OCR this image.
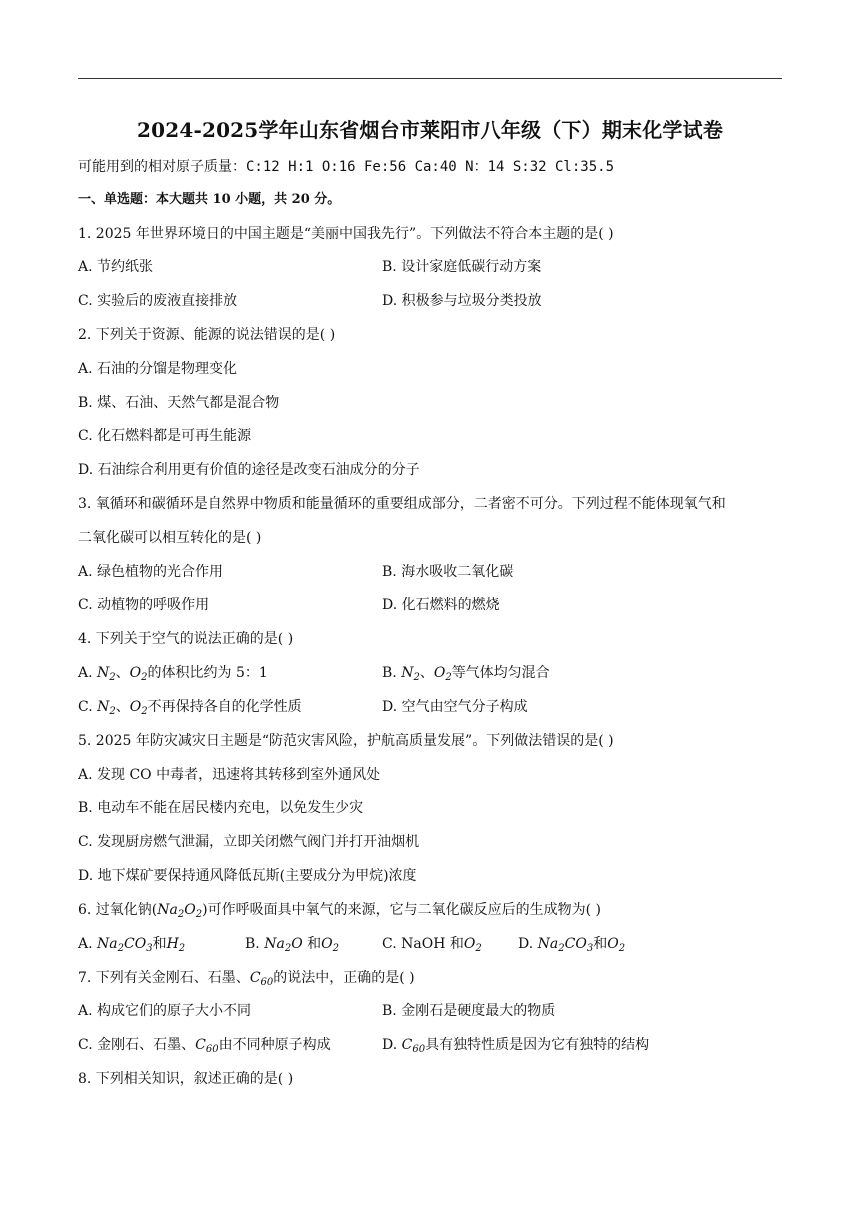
2024-2025学年山东省烟台市莱阳市八年级（下）期末化学试卷
可能用到的相对原子质量：C:12 H:1 O:16 Fe:56 Ca:40 N：14 S:32 Cl:35.5
一、单选题：本大题共 10 小题，共 20 分。
1. 2025 年世界环境日的中国主题是“美丽中国我先行”。下列做法不符合本主题的是( )
A. 节约纸张	B. 设计家庭低碳行动方案
C. 实验后的废液直接排放	D. 积极参与垃圾分类投放
2. 下列关于资源、能源的说法错误的是( )
A. 石油的分馏是物理变化
B. 煤、石油、天然气都是混合物
C. 化石燃料都是可再生能源
D. 石油综合利用更有价值的途径是改变石油成分的分子
3. 氧循环和碳循环是自然界中物质和能量循环的重要组成部分，二者密不可分。下列过程不能体现氧气和
二氧化碳可以相互转化的是( )
A. 绿色植物的光合作用	B. 海水吸收二氧化碳
C. 动植物的呼吸作用	D. 化石燃料的燃烧
4. 下列关于空气的说法正确的是( )
A. $N_2$、$O_2$的体积比约为 5：1	B. $N_2$、$O_2$等气体均匀混合
C. $N_2$、$O_2$不再保持各自的化学性质	D. 空气由空气分子构成
5. 2025 年防灾减灾日主题是“防范灾害风险，护航高质量发展”。下列做法错误的是( )
A. 发现 CO 中毒者，迅速将其转移到室外通风处
B. 电动车不能在居民楼内充电，以免发生少灾
C. 发现厨房燃气泄漏，立即关闭燃气阀门并打开油烟机
D. 地下煤矿要保持通风降低瓦斯(主要成分为甲烷)浓度
6. 过氧化钠$(Na_2O_2)$可作呼吸面具中氧气的来源，它与二氧化碳反应后的生成物为( )
A. $Na_2CO_3$和$H_2$	B. $Na_2O$ 和$O_2$	C. NaOH 和$O_2$	D. $Na_2CO_3$和$O_2$
7. 下列有关金刚石、石墨、$C_{60}$的说法中，正确的是( )
A. 构成它们的原子大小不同	B. 金刚石是硬度最大的物质
C. 金刚石、石墨、$C_{60}$由不同种原子构成	D. $C_{60}$具有独特性质是因为它有独特的结构
8. 下列相关知识，叙述正确的是( )
